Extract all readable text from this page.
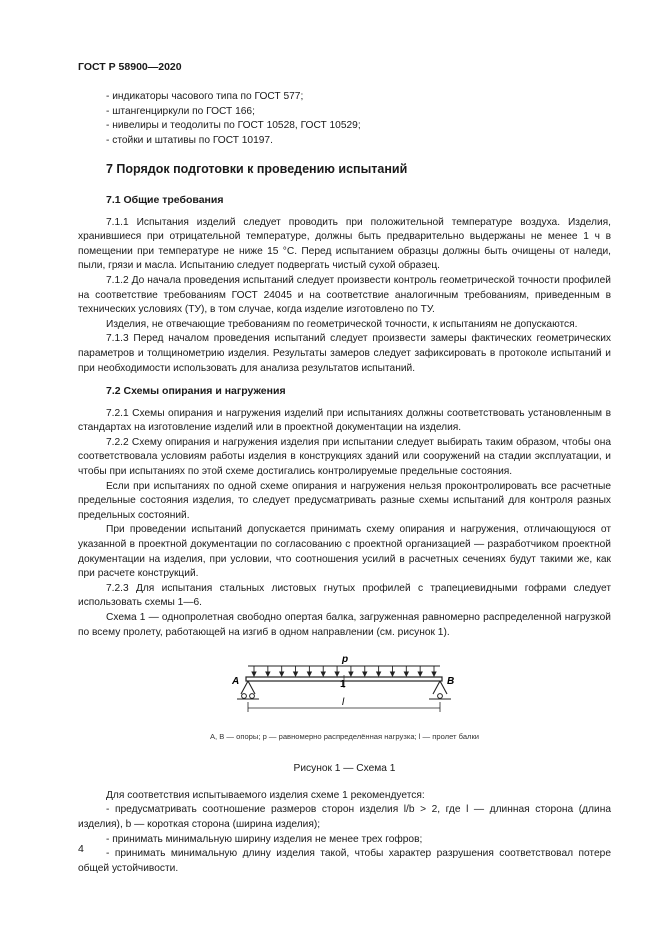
ГОСТ Р 58900—2020
- индикаторы часового типа по ГОСТ 577;
- штангенциркули по ГОСТ 166;
- нивелиры и теодолиты по ГОСТ 10528, ГОСТ 10529;
- стойки и штативы по ГОСТ 10197.
7 Порядок подготовки к проведению испытаний
7.1 Общие требования
7.1.1 Испытания изделий следует проводить при положительной температуре воздуха. Изделия, хранившиеся при отрицательной температуре, должны быть предварительно выдержаны не менее 1 ч в помещении при температуре не ниже 15 °С. Перед испытанием образцы должны быть очищены от наледи, пыли, грязи и масла. Испытанию следует подвергать чистый сухой образец.
7.1.2 До начала проведения испытаний следует произвести контроль геометрической точности профилей на соответствие требованиям ГОСТ 24045 и на соответствие аналогичным требованиям, приведенным в технических условиях (ТУ), в том случае, когда изделие изготовлено по ТУ.
Изделия, не отвечающие требованиям по геометрической точности, к испытаниям не допускаются.
7.1.3 Перед началом проведения испытаний следует произвести замеры фактических геометрических параметров и толщинометрию изделия. Результаты замеров следует зафиксировать в протоколе испытаний и при необходимости использовать для анализа результатов испытаний.
7.2 Схемы опирания и нагружения
7.2.1 Схемы опирания и нагружения изделий при испытаниях должны соответствовать установленным в стандартах на изготовление изделий или в проектной документации на изделия.
7.2.2 Схему опирания и нагружения изделия при испытании следует выбирать таким образом, чтобы она соответствовала условиям работы изделия в конструкциях зданий или сооружений на стадии эксплуатации, и чтобы при испытаниях по этой схеме достигались контролируемые предельные состояния.
Если при испытаниях по одной схеме опирания и нагружения нельзя проконтролировать все расчетные предельные состояния изделия, то следует предусматривать разные схемы испытаний для контроля разных предельных состояний.
При проведении испытаний допускается принимать схему опирания и нагружения, отличающуюся от указанной в проектной документации по согласованию с проектной организацией — разработчиком проектной документации на изделия, при условии, что соотношения усилий в расчетных сечениях будут такими же, как при расчете конструкций.
7.2.3 Для испытания стальных листовых гнутых профилей с трапециевидными гофрами следует использовать схемы 1—6.
Схема 1 — однопролетная свободно опертая балка, загруженная равномерно распределенной нагрузкой по всему пролету, работающей на изгиб в одном направлении (см. рисунок 1).
p
A	B
1
l
A, B — опоры; p — равномерно распределённая нагрузка; l — пролет балки
Рисунок 1 — Схема 1
Для соответствия испытываемого изделия схеме 1 рекомендуется:
- предусматривать соотношение размеров сторон изделия l/b > 2, где l — длинная сторона (длина изделия), b — короткая сторона (ширина изделия);
- принимать минимальную ширину изделия не менее трех гофров;
- принимать минимальную длину изделия такой, чтобы характер разрушения соответствовал потере общей устойчивости.
4
